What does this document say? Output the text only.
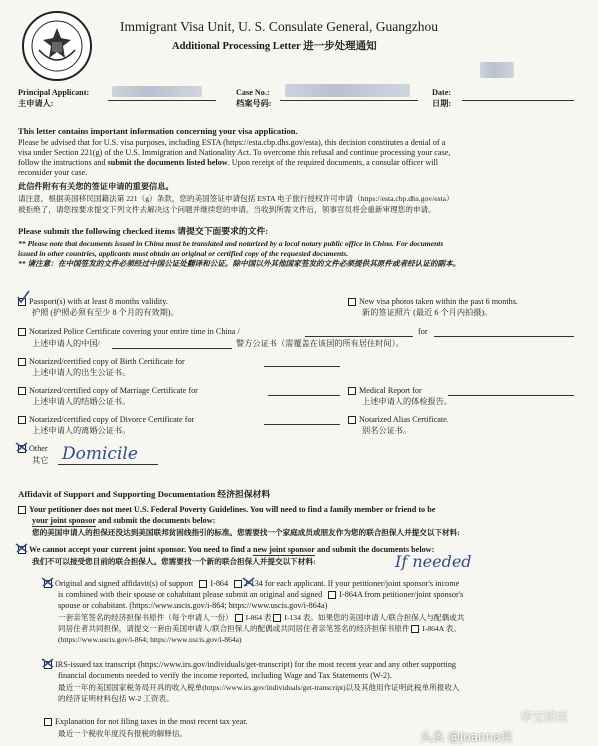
Immigrant Visa Unit, U. S. Consulate General, Guangzhou
Additional Processing Letter 进一步处理通知
Principal Applicant:
主申请人:
Case No.:
档案号码:
Date:
日期:
This letter contains important information concerning your visa application.
Please be advised that for U.S. visa purposes, including ESTA (https://esta.cbp.dhs.gov/esta), this decision constitutes a denial of a
visa under Section 221(g) of the U.S. Immigration and Nationality Act. To overcome this refusal and continue processing your case,
follow the instructions and submit the documents listed below. Upon receipt of the required documents, a consular officer will
reconsider your case.
此信件附有有关您的签证申请的重要信息。
请注意，根据美国移民国籍法第 221（g）条款，您的美国签证申请包括 ESTA 电子旅行授权许可申请（https://esta.cbp.dhs.gov/esta）
被拒绝了，请您按要求提交下列文件去解决这个问题并继续您的申请。当收到所需文件后，领事官员将会重新审理您的申请。
Please submit the following checked items 请提交下面要求的文件:
** Please note that documents issued in China must be translated and notarized by a local notary public office in China. For documents
issued in other countries, applicants must obtain an original or certified copy of the requested documents.
** 请注意：在中国签发的文件必须经过中国公证处翻译和公证。除中国以外其他国家签发的文件必须提供其原件或者经认证的副本。
Passport(s) with at least 8 months validity.
护照 (护照必须有至少 8 个月的有效期)。
New visa photos taken within the past 6 months.
新的签证照片 (最近 6 个月内拍摄)。
Notarized Police Certificate covering your entire time in China /	for
上述申请人的中国/	警方公证书（需覆盖在该国的所有居住时间）。
Notarized/certified copy of Birth Certificate for
上述申请人的出生公证书。
Notarized/certified copy of Marriage Certificate for
上述申请人的结婚公证书。
Medical Report for
上述申请人的体检报告。
Notarized/certified copy of Divorce Certificate for
上述申请人的离婚公证书。
Notarized Alias Certificate.
别名公证书。
Other
其它 Domicile
Affidavit of Support and Supporting Documentation 经济担保材料
Your petitioner does not meet U.S. Federal Poverty Guidelines. You will need to find a family member or friend to be
your joint sponsor and submit the documents below:
您的美国申请人的担保还没达到美国联邦贫困线指引的标准。您需要找一个家庭成员或朋友作为您的联合担保人并提交以下材料:
We cannot accept your current joint sponsor. You need to find a new joint sponsor and submit the documents below:
我们不可以接受您目前的联合担保人。您需要找一个新的联合担保人并提交以下材料:	If needed
Original and signed affidavit(s) of support I-864 I-134 for each applicant. If your petitioner/joint sponsor's income
is combined with their spouse or cohabitant please submit an original and signed I-864A from petitioner/joint sponsor's
spouse or cohabitant. (https://www.uscis.gov/i-864; https://www.uscis.gov/i-864a)
一套亲笔签名的经济担保书原件（每个申请人一份） I-864 表 I-134 表。如果您的美国申请人/联合担保人与配偶或共
同居住者共同担保，请提交一套由美国申请人/联合担保人的配偶或共同居住者亲笔签名的经济担保书原件 I-864A 表。
(https://www.uscis.gov/i-864; https://www.uscis.gov/i-864a)
IRS-issued tax transcript (https://www.irs.gov/individuals/get-transcript) for the most recent year and any other supporting
financial documents needed to verify the income reported, including Wage and Tax Statements (W-2).
最近一年的美国国家税务局开具的收入税单(https://www.irs.gov/individuals/get-transcript)以及其他用作证明此税单所报收入
的经济证明材料包括 W-2 工资表。
Explanation for not filing taxes in the most recent tax year.
最近一个税收年度没有报税的解释信。
华宝移民
头条 @Joanna侠
